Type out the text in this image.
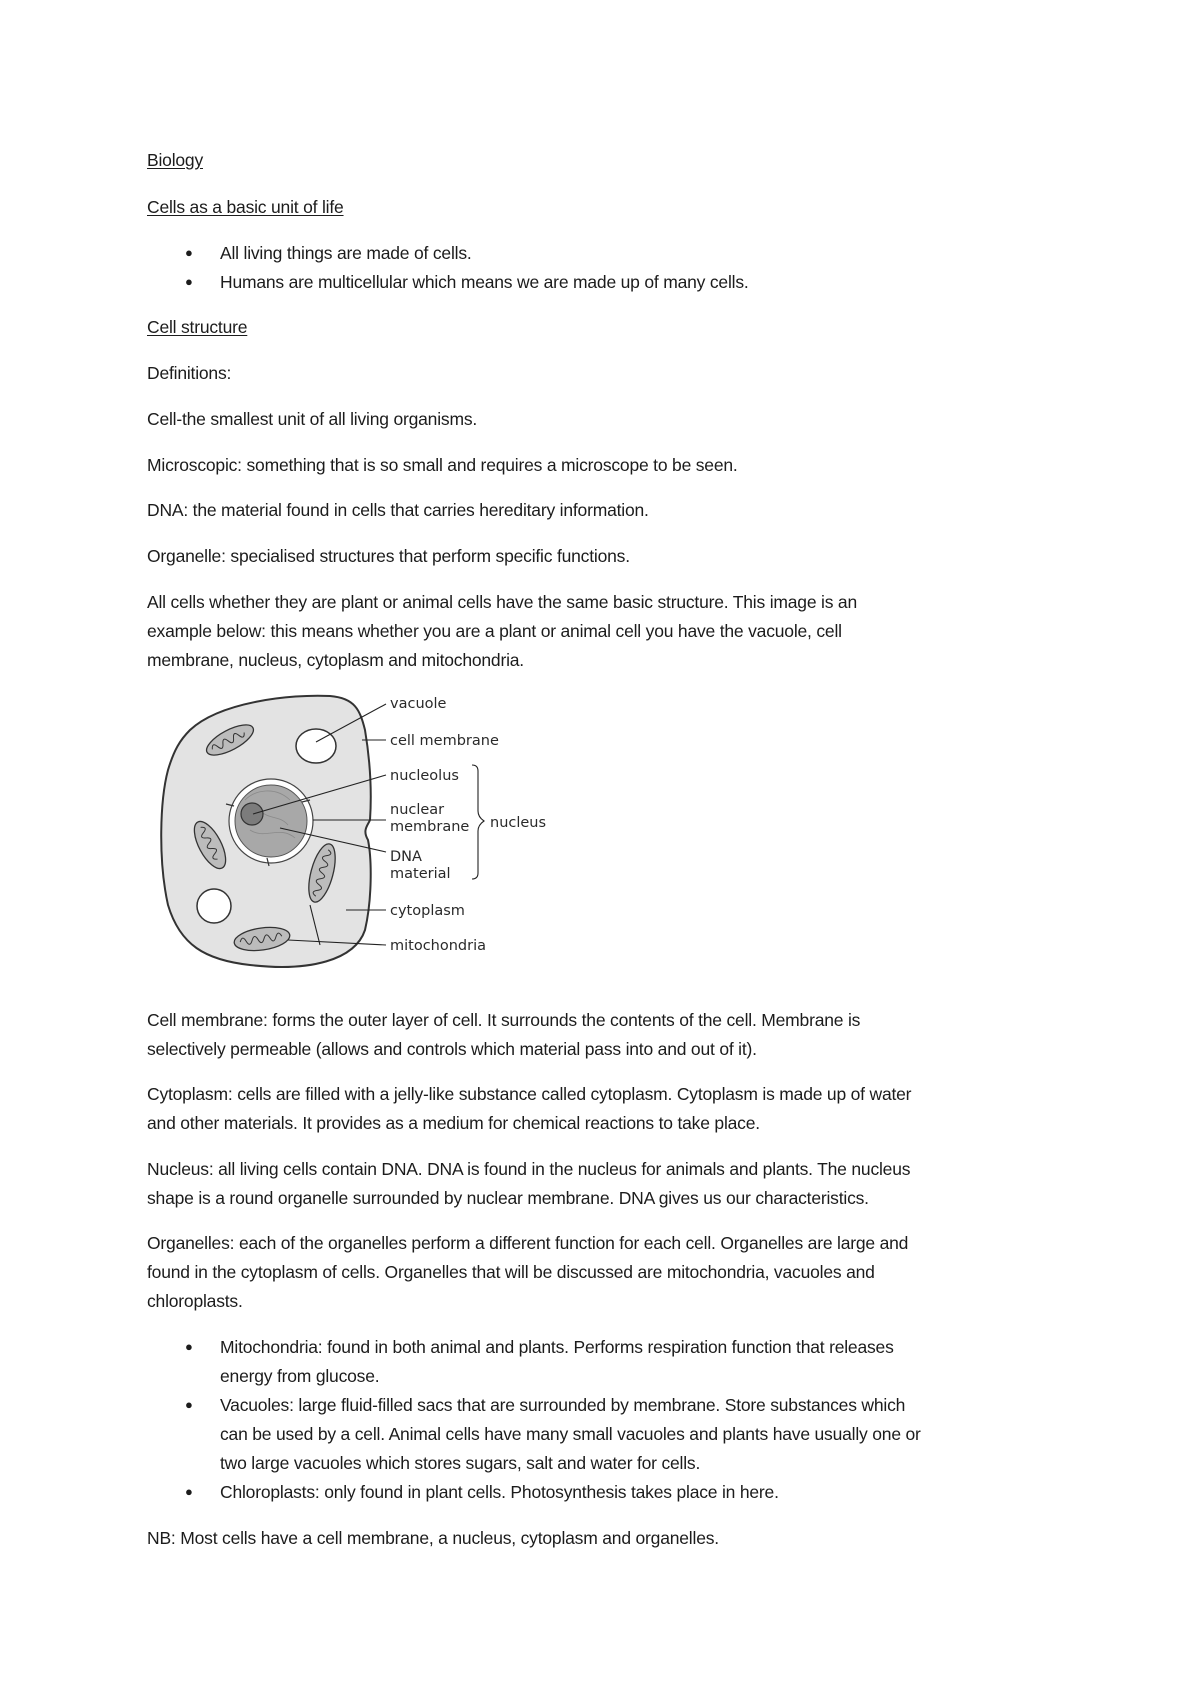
Biology
Cells as a basic unit of life
● All living things are made of cells.
● Humans are multicellular which means we are made up of many cells.
Cell structure
Definitions:
Cell-the smallest unit of all living organisms.
Microscopic: something that is so small and requires a microscope to be seen.
DNA: the material found in cells that carries hereditary information.
Organelle: specialised structures that perform specific functions.
All cells whether they are plant or animal cells have the same basic structure. This image is an
example below: this means whether you are a plant or animal cell you have the vacuole, cell
membrane, nucleus, cytoplasm and mitochondria.
vacuole
cell membrane
nucleolus
nuclear
membrane nucleus
DNA
material
cytoplasm
mitochondria
Cell membrane: forms the outer layer of cell. It surrounds the contents of the cell. Membrane is
selectively permeable (allows and controls which material pass into and out of it).
Cytoplasm: cells are filled with a jelly-like substance called cytoplasm. Cytoplasm is made up of water
and other materials. It provides as a medium for chemical reactions to take place.
Nucleus: all living cells contain DNA. DNA is found in the nucleus for animals and plants. The nucleus
shape is a round organelle surrounded by nuclear membrane. DNA gives us our characteristics.
Organelles: each of the organelles perform a different function for each cell. Organelles are large and
found in the cytoplasm of cells. Organelles that will be discussed are mitochondria, vacuoles and
chloroplasts.
● Mitochondria: found in both animal and plants. Performs respiration function that releases
energy from glucose.
● Vacuoles: large fluid-filled sacs that are surrounded by membrane. Store substances which
can be used by a cell. Animal cells have many small vacuoles and plants have usually one or
two large vacuoles which stores sugars, salt and water for cells.
● Chloroplasts: only found in plant cells. Photosynthesis takes place in here.
NB: Most cells have a cell membrane, a nucleus, cytoplasm and organelles.
